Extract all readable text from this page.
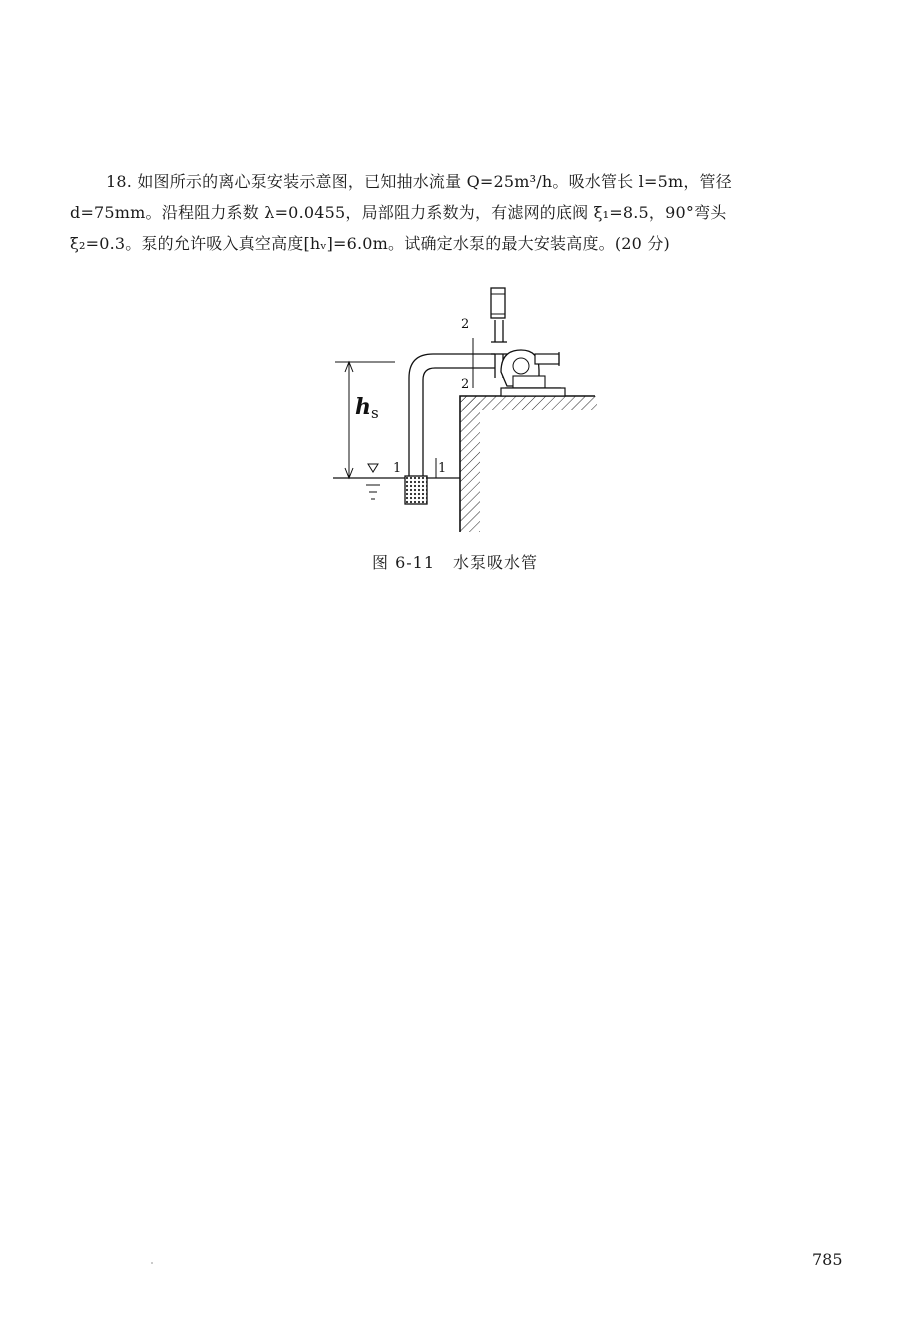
18. 如图所示的离心泵安装示意图，已知抽水流量 Q=25m³/h。吸水管长 l=5m，管径
d=75mm。沿程阻力系数 λ=0.0455，局部阻力系数为，有滤网的底阀 ξ₁=8.5，90°弯头
ξ₂=0.3。泵的允许吸入真空高度[hᵥ]=6.0m。试确定水泵的最大安装高度。(20 分)
hs
1	1
2
2
图 6-11 水泵吸水管
785
